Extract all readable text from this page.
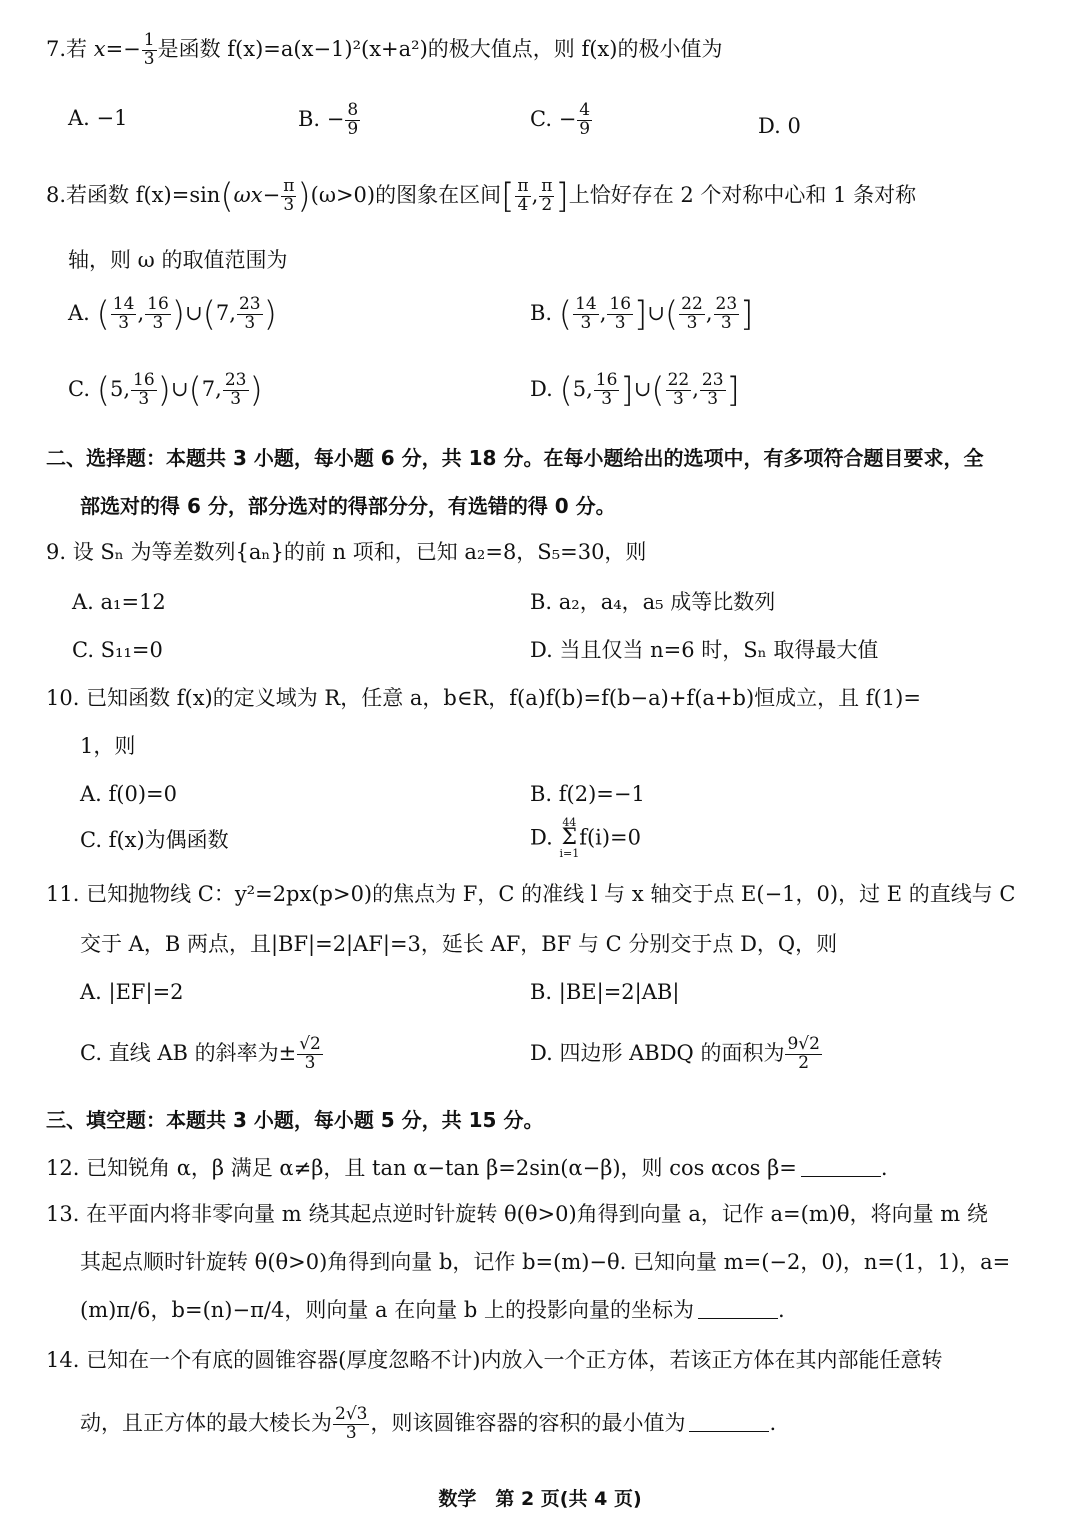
7.若 $x=- \frac{1}{3}$ 是函数 f(x)=a(x−1)²(x+a²)的极大值点，则 f(x)的极小值为
A. −1	B. − $\frac{8}{9}$	C. − $\frac{4}{9}$	D. 0
8.若函数 $f(x)=\sin(\omega x- \frac{\pi}{3} )(\omega>0)$的图象在区间[ $\frac{\pi}{4}$ , $\frac{\pi}{2}$ ]上恰好存在 2 个对称中心和 1 条对称
轴，则 ω 的取值范围为
A. ( $\frac{14}{3}$ , $\frac{16}{3}$ )∪(7, $\frac{23}{3}$ )	B. ( $\frac{14}{3}$ , $\frac{16}{3}$ ]∪( $\frac{22}{3}$ , $\frac{23}{3}$ ]
C. (5, $\frac{16}{3}$ )∪(7, $\frac{23}{3}$ )	D. (5, $\frac{16}{3}$ ]∪( $\frac{22}{3}$ , $\frac{23}{3}$ ]
二、选择题：本题共 3 小题，每小题 6 分，共 18 分。在每小题给出的选项中，有多项符合题目要求，全
部选对的得 6 分，部分选对的得部分分，有选错的得 0 分。
9. 设 Sₙ 为等差数列{aₙ}的前 n 项和，已知 a₂=8，S₅=30，则
A. a₁=12	B. a₂，a₄，a₅ 成等比数列
C. S₁₁=0	D. 当且仅当 n=6 时，Sₙ 取得最大值
10. 已知函数 f(x)的定义域为 R，任意 a，b∈R，f(a)f(b)=f(b−a)+f(a+b)恒成立，且 f(1)=
1，则
A. f(0)=0	B. f(2)=−1
C. f(x)为偶函数	D.
44
Σ
i=1
f(i)=0
11. 已知抛物线 C：y²=2px(p>0)的焦点为 F，C 的准线 l 与 x 轴交于点 E(−1，0)，过 E 的直线与 C
交于 A，B 两点，且|BF|=2|AF|=3，延长 AF，BF 与 C 分别交于点 D，Q，则
A. |EF|=2	B. |BE|=2|AB|
C. 直线 AB 的斜率为± $\frac{√2}{3}$	D. 四边形 ABDQ 的面积为 $\frac{9√2}{2}$
三、填空题：本题共 3 小题，每小题 5 分，共 15 分。
12. 已知锐角 α，β 满足 α≠β，且 tan α−tan β=2sin(α−β)，则 cos αcos β=	.
13. 在平面内将非零向量 m 绕其起点逆时针旋转 θ(θ>0)角得到向量 a，记作 a=(m)θ，将向量 m 绕
其起点顺时针旋转 θ(θ>0)角得到向量 b，记作 b=(m)−θ. 已知向量 m=(−2，0)，n=(1，1)，a=
(m)π/6，b=(n)−π/4，则向量 a 在向量 b 上的投影向量的坐标为	.
14. 已知在一个有底的圆锥容器(厚度忽略不计)内放入一个正方体，若该正方体在其内部能任意转
动，且正方体的最大棱长为 $\frac{2√3}{3}$ ，则该圆锥容器的容积的最小值为	.
数学　第 2 页(共 4 页)
